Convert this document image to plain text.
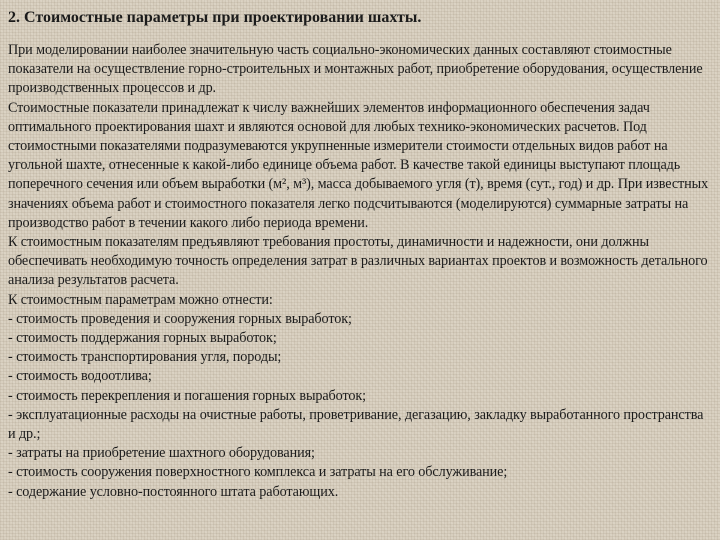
2. Стоимостные параметры при проектировании шахты.

При моделировании наиболее значительную часть социально-экономических данных составляют стоимостные показатели на осуществление горно-строительных и монтажных работ, приобретение оборудования, осуществление производственных процессов и др.

Стоимостные показатели принадлежат к числу важнейших элементов информационного обеспечения задач оптимального проектирования шахт и являются основой для любых технико-экономических расчетов. Под стоимостными показателями подразумеваются укрупненные измерители стоимости отдельных видов работ на угольной шахте, отнесенные к какой-либо единице объема работ. В качестве такой единицы выступают площадь поперечного сечения или объем выработки (м², м³), масса добываемого угля (т), время (сут., год) и др. При известных значениях объема работ и стоимостного показателя легко подсчитываются (моделируются) суммарные затраты на производство работ в течении какого либо периода времени.

К стоимостным показателям предъявляют требования простоты, динамичности и надежности, они должны обеспечивать необходимую точность определения затрат в различных вариантах проектов и возможность детального анализа результатов расчета.

К стоимостным параметрам можно отнести:

- стоимость проведения и сооружения горных выработок;
- стоимость поддержания горных выработок;
- стоимость транспортирования угля, породы;
- стоимость водоотлива;
- стоимость перекрепления и погашения горных выработок;
- эксплуатационные расходы на очистные работы, проветривание, дегазацию, закладку выработанного пространства и др.;
- затраты на приобретение шахтного оборудования;
- стоимость сооружения поверхностного комплекса и затраты на его обслуживание;
- содержание условно-постоянного штата работающих.
